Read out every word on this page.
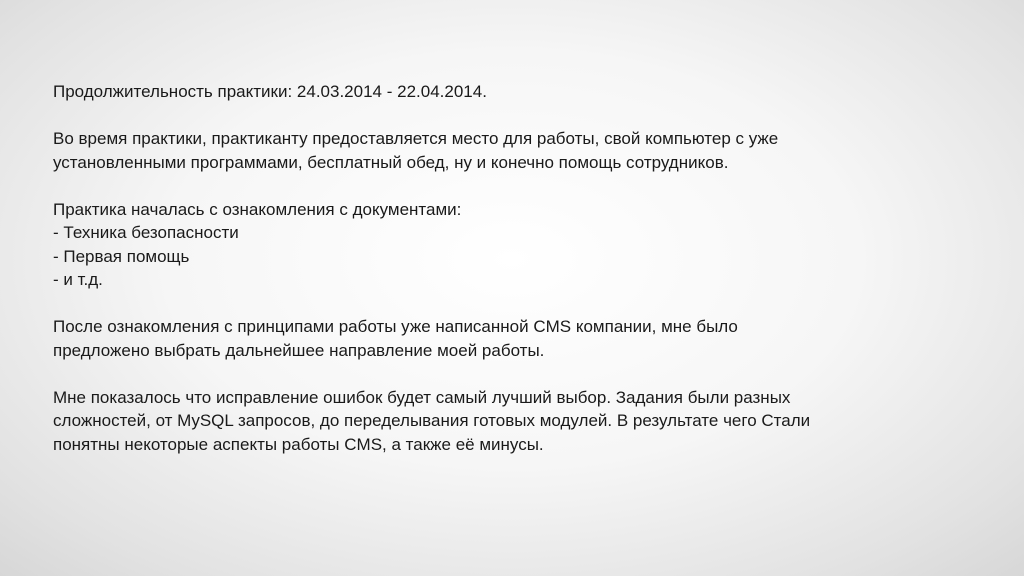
Продолжительность практики: 24.03.2014 - 22.04.2014.

Во время практики, практиканту предоставляется место для работы, свой компьютер с уже
установленными программами, бесплатный обед, ну и конечно помощь сотрудников.

Практика началась с ознакомления с документами:
- Техника безопасности
- Первая помощь
- и т.д.

После ознакомления с принципами работы уже написанной CMS компании, мне было
предложено выбрать дальнейшее направление моей работы.

Мне показалось что исправление ошибок будет самый лучший выбор. Задания были разных
сложностей, от MySQL запросов, до переделывания готовых модулей. В результате чего Стали
понятны некоторые аспекты работы CMS, а также её минусы.
